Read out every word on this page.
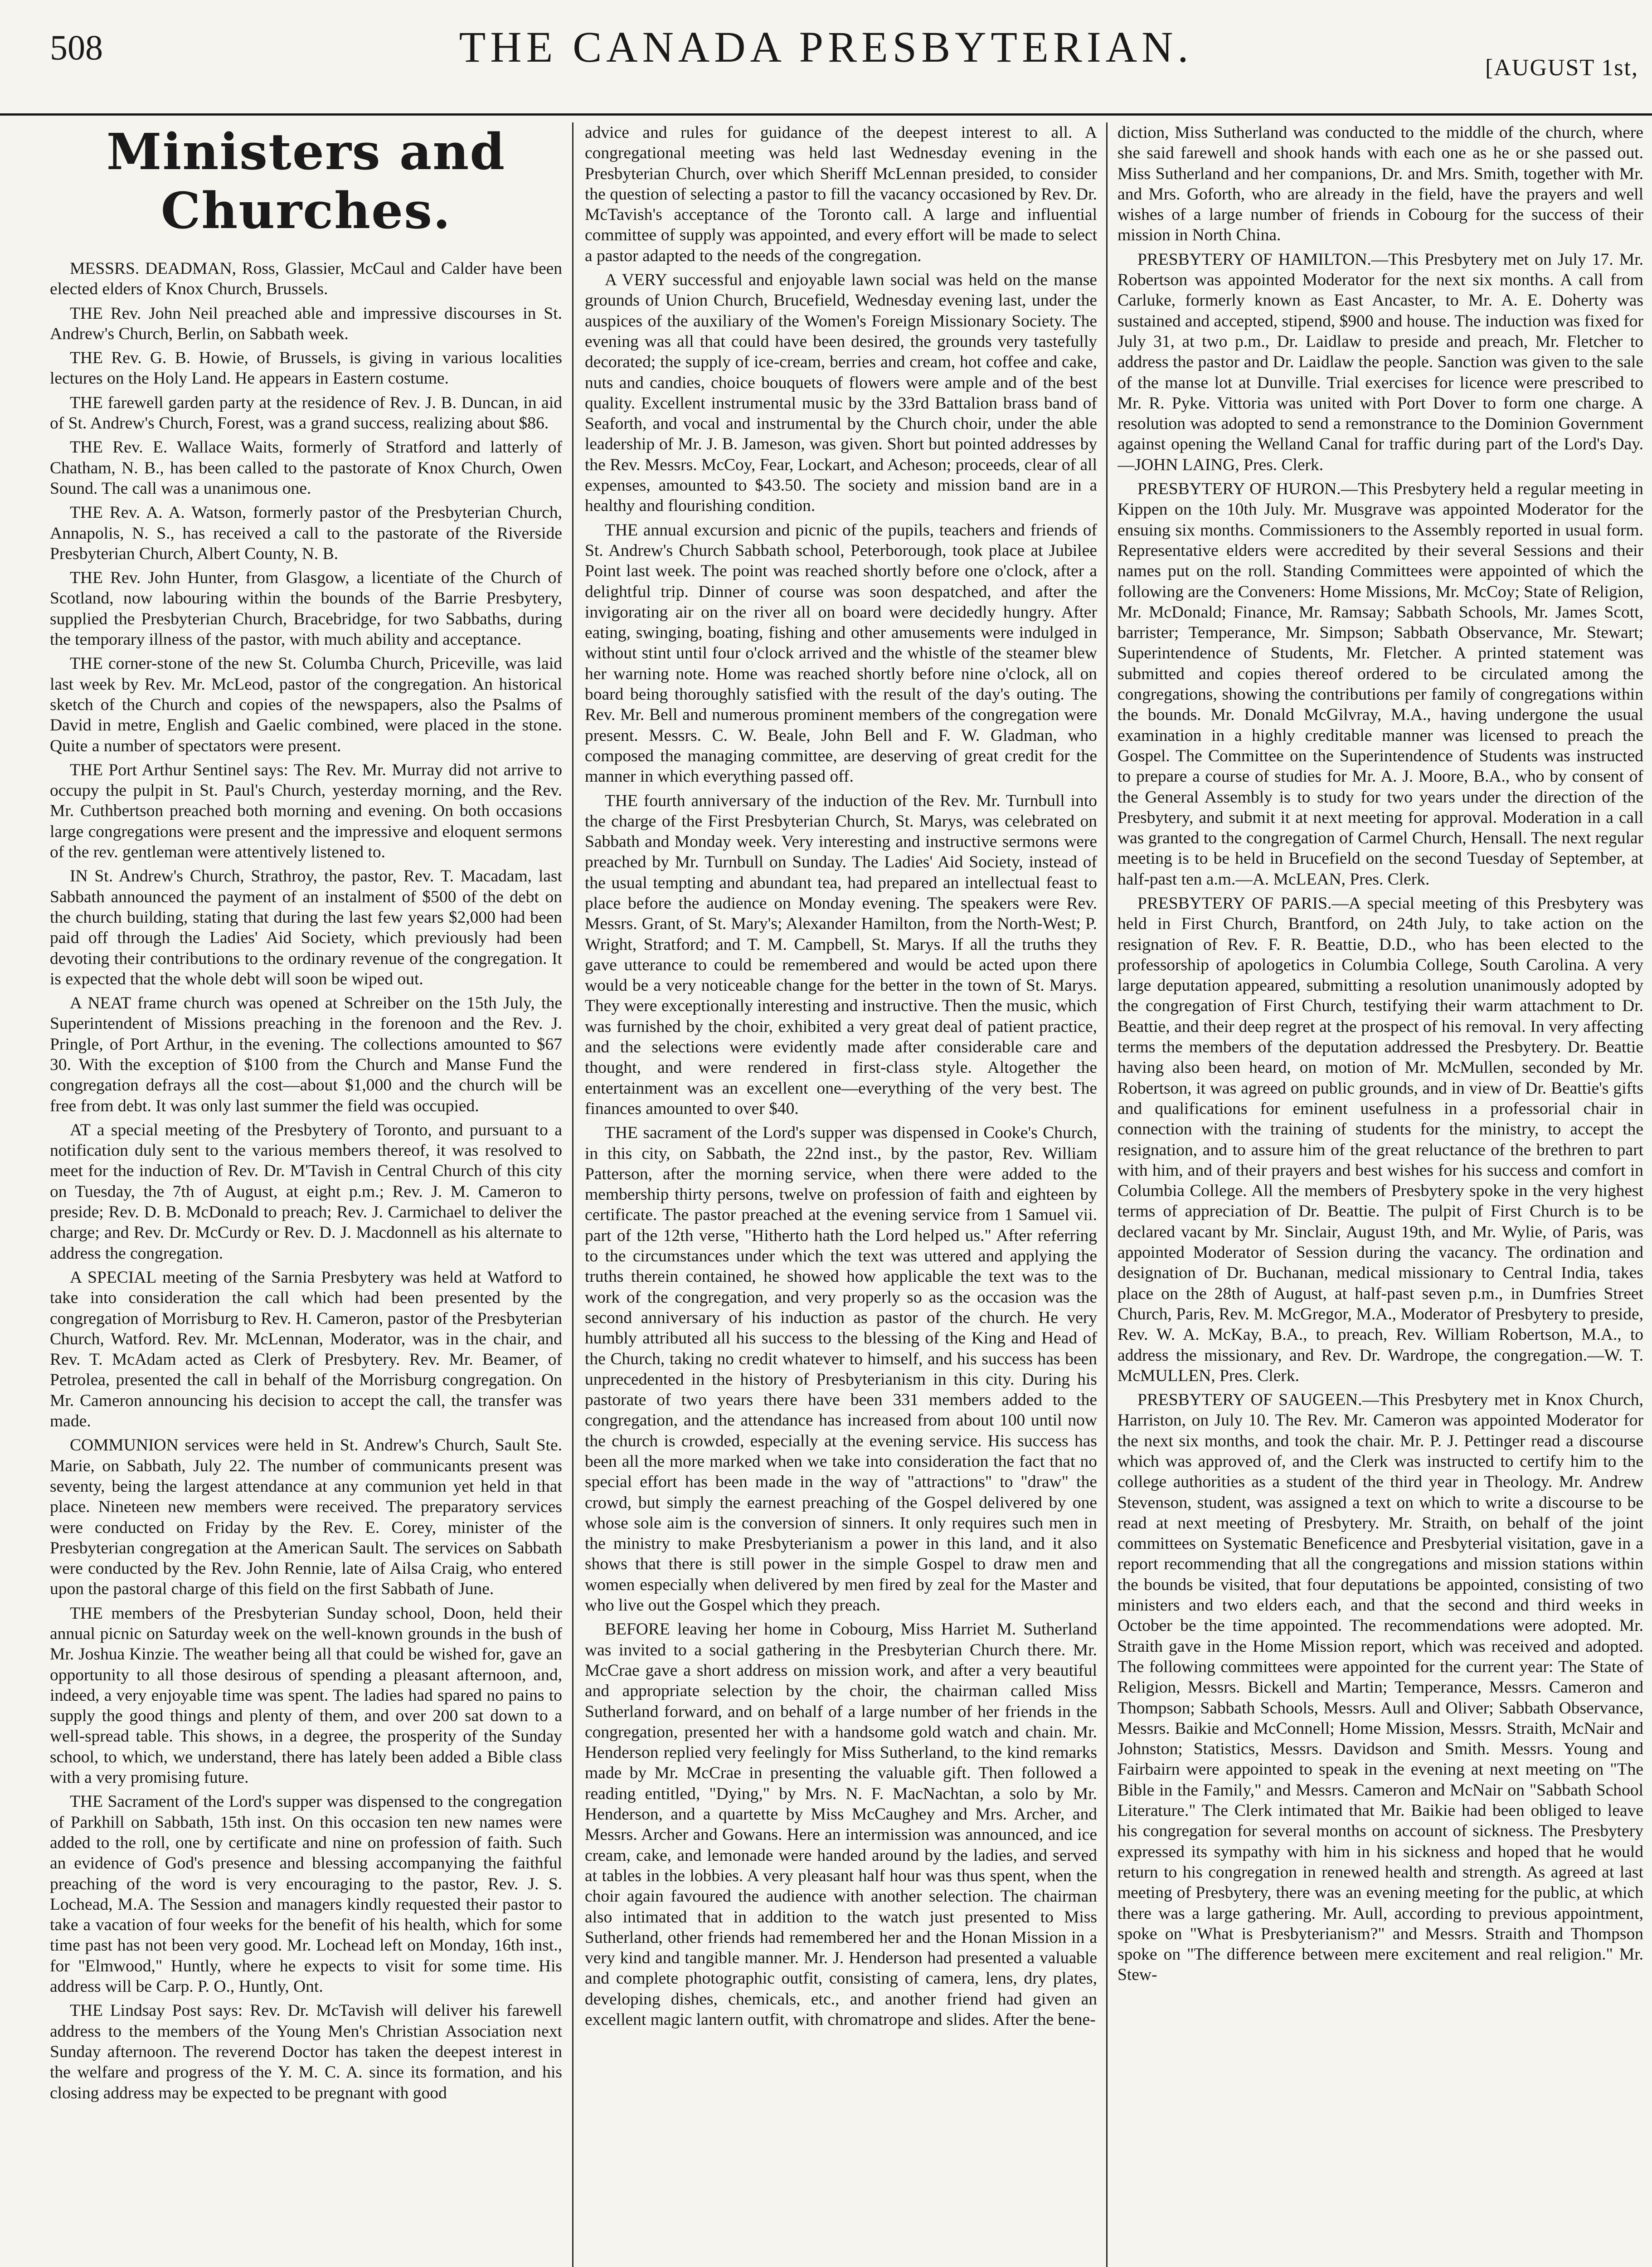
508	THE CANADA PRESBYTERIAN.	[AUGUST 1st,
Ministers and Churches.

MESSRS. DEADMAN, Ross, Glassier, McCaul and Calder have been elected elders of Knox Church, Brussels.

THE Rev. John Neil preached able and impressive discourses in St. Andrew's Church, Berlin, on Sabbath week.

THE Rev. G. B. Howie, of Brussels, is giving in various localities lectures on the Holy Land. He appears in Eastern costume.

THE farewell garden party at the residence of Rev. J. B. Duncan, in aid of St. Andrew's Church, Forest, was a grand success, realizing about $86.

THE Rev. E. Wallace Waits, formerly of Stratford and latterly of Chatham, N. B., has been called to the pastorate of Knox Church, Owen Sound. The call was a unanimous one.

THE Rev. A. A. Watson, formerly pastor of the Presbyterian Church, Annapolis, N. S., has received a call to the pastorate of the Riverside Presbyterian Church, Albert County, N. B.

THE Rev. John Hunter, from Glasgow, a licentiate of the Church of Scotland, now labouring within the bounds of the Barrie Presbytery, supplied the Presbyterian Church, Bracebridge, for two Sabbaths, during the temporary illness of the pastor, with much ability and acceptance.

THE corner-stone of the new St. Columba Church, Priceville, was laid last week by Rev. Mr. McLeod, pastor of the congregation. An historical sketch of the Church and copies of the newspapers, also the Psalms of David in metre, English and Gaelic combined, were placed in the stone. Quite a number of spectators were present.

THE Port Arthur Sentinel says: The Rev. Mr. Murray did not arrive to occupy the pulpit in St. Paul's Church, yesterday morning, and the Rev. Mr. Cuthbertson preached both morning and evening. On both occasions large congregations were present and the impressive and eloquent sermons of the rev. gentleman were attentively listened to.

IN St. Andrew's Church, Strathroy, the pastor, Rev. T. Macadam, last Sabbath announced the payment of an instalment of $500 of the debt on the church building, stating that during the last few years $2,000 had been paid off through the Ladies' Aid Society, which previously had been devoting their contributions to the ordinary revenue of the congregation. It is expected that the whole debt will soon be wiped out.

A NEAT frame church was opened at Schreiber on the 15th July, the Superintendent of Missions preaching in the forenoon and the Rev. J. Pringle, of Port Arthur, in the evening. The collections amounted to $67 30. With the exception of $100 from the Church and Manse Fund the congregation defrays all the cost—about $1,000 and the church will be free from debt. It was only last summer the field was occupied.

AT a special meeting of the Presbytery of Toronto, and pursuant to a notification duly sent to the various members thereof, it was resolved to meet for the induction of Rev. Dr. M'Tavish in Central Church of this city on Tuesday, the 7th of August, at eight p.m.; Rev. J. M. Cameron to preside; Rev. D. B. McDonald to preach; Rev. J. Carmichael to deliver the charge; and Rev. Dr. McCurdy or Rev. D. J. Macdonnell as his alternate to address the congregation.

A SPECIAL meeting of the Sarnia Presbytery was held at Watford to take into consideration the call which had been presented by the congregation of Morrisburg to Rev. H. Cameron, pastor of the Presbyterian Church, Watford. Rev. Mr. McLennan, Moderator, was in the chair, and Rev. T. McAdam acted as Clerk of Presbytery. Rev. Mr. Beamer, of Petrolea, presented the call in behalf of the Morrisburg congregation. On Mr. Cameron announcing his decision to accept the call, the transfer was made.

COMMUNION services were held in St. Andrew's Church, Sault Ste. Marie, on Sabbath, July 22. The number of communicants present was seventy, being the largest attendance at any communion yet held in that place. Nineteen new members were received. The preparatory services were conducted on Friday by the Rev. E. Corey, minister of the Presbyterian congregation at the American Sault. The services on Sabbath were conducted by the Rev. John Rennie, late of Ailsa Craig, who entered upon the pastoral charge of this field on the first Sabbath of June.

THE members of the Presbyterian Sunday school, Doon, held their annual picnic on Saturday week on the well-known grounds in the bush of Mr. Joshua Kinzie. The weather being all that could be wished for, gave an opportunity to all those desirous of spending a pleasant afternoon, and, indeed, a very enjoyable time was spent. The ladies had spared no pains to supply the good things and plenty of them, and over 200 sat down to a well-spread table. This shows, in a degree, the prosperity of the Sunday school, to which, we understand, there has lately been added a Bible class with a very promising future.

THE Sacrament of the Lord's supper was dispensed to the congregation of Parkhill on Sabbath, 15th inst. On this occasion ten new names were added to the roll, one by certificate and nine on profession of faith. Such an evidence of God's presence and blessing accompanying the faithful preaching of the word is very encouraging to the pastor, Rev. J. S. Lochead, M.A. The Session and managers kindly requested their pastor to take a vacation of four weeks for the benefit of his health, which for some time past has not been very good. Mr. Lochead left on Monday, 16th inst., for "Elmwood," Huntly, where he expects to visit for some time. His address will be Carp. P. O., Huntly, Ont.

THE Lindsay Post says: Rev. Dr. McTavish will deliver his farewell address to the members of the Young Men's Christian Association next Sunday afternoon. The reverend Doctor has taken the deepest interest in the welfare and progress of the Y. M. C. A. since its formation, and his closing address may be expected to be pregnant with good

advice and rules for guidance of the deepest interest to all. A congregational meeting was held last Wednesday evening in the Presbyterian Church, over which Sheriff McLennan presided, to consider the question of selecting a pastor to fill the vacancy occasioned by Rev. Dr. McTavish's acceptance of the Toronto call. A large and influential committee of supply was appointed, and every effort will be made to select a pastor adapted to the needs of the congregation.

A VERY successful and enjoyable lawn social was held on the manse grounds of Union Church, Brucefield, Wednesday evening last, under the auspices of the auxiliary of the Women's Foreign Missionary Society. The evening was all that could have been desired, the grounds very tastefully decorated; the supply of ice-cream, berries and cream, hot coffee and cake, nuts and candies, choice bouquets of flowers were ample and of the best quality. Excellent instrumental music by the 33rd Battalion brass band of Seaforth, and vocal and instrumental by the Church choir, under the able leadership of Mr. J. B. Jameson, was given. Short but pointed addresses by the Rev. Messrs. McCoy, Fear, Lockart, and Acheson; proceeds, clear of all expenses, amounted to $43.50. The society and mission band are in a healthy and flourishing condition.

THE annual excursion and picnic of the pupils, teachers and friends of St. Andrew's Church Sabbath school, Peterborough, took place at Jubilee Point last week. The point was reached shortly before one o'clock, after a delightful trip. Dinner of course was soon despatched, and after the invigorating air on the river all on board were decidedly hungry. After eating, swinging, boating, fishing and other amusements were indulged in without stint until four o'clock arrived and the whistle of the steamer blew her warning note. Home was reached shortly before nine o'clock, all on board being thoroughly satisfied with the result of the day's outing. The Rev. Mr. Bell and numerous prominent members of the congregation were present. Messrs. C. W. Beale, John Bell and F. W. Gladman, who composed the managing committee, are deserving of great credit for the manner in which everything passed off.

THE fourth anniversary of the induction of the Rev. Mr. Turnbull into the charge of the First Presbyterian Church, St. Marys, was celebrated on Sabbath and Monday week. Very interesting and instructive sermons were preached by Mr. Turnbull on Sunday. The Ladies' Aid Society, instead of the usual tempting and abundant tea, had prepared an intellectual feast to place before the audience on Monday evening. The speakers were Rev. Messrs. Grant, of St. Mary's; Alexander Hamilton, from the North-West; P. Wright, Stratford; and T. M. Campbell, St. Marys. If all the truths they gave utterance to could be remembered and would be acted upon there would be a very noticeable change for the better in the town of St. Marys. They were exceptionally interesting and instructive. Then the music, which was furnished by the choir, exhibited a very great deal of patient practice, and the selections were evidently made after considerable care and thought, and were rendered in first-class style. Altogether the entertainment was an excellent one—everything of the very best. The finances amounted to over $40.

THE sacrament of the Lord's supper was dispensed in Cooke's Church, in this city, on Sabbath, the 22nd inst., by the pastor, Rev. William Patterson, after the morning service, when there were added to the membership thirty persons, twelve on profession of faith and eighteen by certificate. The pastor preached at the evening service from 1 Samuel vii. part of the 12th verse, "Hitherto hath the Lord helped us." After referring to the circumstances under which the text was uttered and applying the truths therein contained, he showed how applicable the text was to the work of the congregation, and very properly so as the occasion was the second anniversary of his induction as pastor of the church. He very humbly attributed all his success to the blessing of the King and Head of the Church, taking no credit whatever to himself, and his success has been unprecedented in the history of Presbyterianism in this city. During his pastorate of two years there have been 331 members added to the congregation, and the attendance has increased from about 100 until now the church is crowded, especially at the evening service. His success has been all the more marked when we take into consideration the fact that no special effort has been made in the way of "attractions" to "draw" the crowd, but simply the earnest preaching of the Gospel delivered by one whose sole aim is the conversion of sinners. It only requires such men in the ministry to make Presbyterianism a power in this land, and it also shows that there is still power in the simple Gospel to draw men and women especially when delivered by men fired by zeal for the Master and who live out the Gospel which they preach.

BEFORE leaving her home in Cobourg, Miss Harriet M. Sutherland was invited to a social gathering in the Presbyterian Church there. Mr. McCrae gave a short address on mission work, and after a very beautiful and appropriate selection by the choir, the chairman called Miss Sutherland forward, and on behalf of a large number of her friends in the congregation, presented her with a handsome gold watch and chain. Mr. Henderson replied very feelingly for Miss Sutherland, to the kind remarks made by Mr. McCrae in presenting the valuable gift. Then followed a reading entitled, "Dying," by Mrs. N. F. MacNachtan, a solo by Mr. Henderson, and a quartette by Miss McCaughey and Mrs. Archer, and Messrs. Archer and Gowans. Here an intermission was announced, and ice cream, cake, and lemonade were handed around by the ladies, and served at tables in the lobbies. A very pleasant half hour was thus spent, when the choir again favoured the audience with another selection. The chairman also intimated that in addition to the watch just presented to Miss Sutherland, other friends had remembered her and the Honan Mission in a very kind and tangible manner. Mr. J. Henderson had presented a valuable and complete photographic outfit, consisting of camera, lens, dry plates, developing dishes, chemicals, etc., and another friend had given an excellent magic lantern outfit, with chromatrope and slides. After the bene-

diction, Miss Sutherland was conducted to the middle of the church, where she said farewell and shook hands with each one as he or she passed out. Miss Sutherland and her companions, Dr. and Mrs. Smith, together with Mr. and Mrs. Goforth, who are already in the field, have the prayers and well wishes of a large number of friends in Cobourg for the success of their mission in North China.

PRESBYTERY OF HAMILTON.—This Presbytery met on July 17. Mr. Robertson was appointed Moderator for the next six months. A call from Carluke, formerly known as East Ancaster, to Mr. A. E. Doherty was sustained and accepted, stipend, $900 and house. The induction was fixed for July 31, at two p.m., Dr. Laidlaw to preside and preach, Mr. Fletcher to address the pastor and Dr. Laidlaw the people. Sanction was given to the sale of the manse lot at Dunville. Trial exercises for licence were prescribed to Mr. R. Pyke. Vittoria was united with Port Dover to form one charge. A resolution was adopted to send a remonstrance to the Dominion Government against opening the Welland Canal for traffic during part of the Lord's Day.—JOHN LAING, Pres. Clerk.

PRESBYTERY OF HURON.—This Presbytery held a regular meeting in Kippen on the 10th July. Mr. Musgrave was appointed Moderator for the ensuing six months. Commissioners to the Assembly reported in usual form. Representative elders were accredited by their several Sessions and their names put on the roll. Standing Committees were appointed of which the following are the Conveners: Home Missions, Mr. McCoy; State of Religion, Mr. McDonald; Finance, Mr. Ramsay; Sabbath Schools, Mr. James Scott, barrister; Temperance, Mr. Simpson; Sabbath Observance, Mr. Stewart; Superintendence of Students, Mr. Fletcher. A printed statement was submitted and copies thereof ordered to be circulated among the congregations, showing the contributions per family of congregations within the bounds. Mr. Donald McGilvray, M.A., having undergone the usual examination in a highly creditable manner was licensed to preach the Gospel. The Committee on the Superintendence of Students was instructed to prepare a course of studies for Mr. A. J. Moore, B.A., who by consent of the General Assembly is to study for two years under the direction of the Presbytery, and submit it at next meeting for approval. Moderation in a call was granted to the congregation of Carmel Church, Hensall. The next regular meeting is to be held in Brucefield on the second Tuesday of September, at half-past ten a.m.—A. McLEAN, Pres. Clerk.

PRESBYTERY OF PARIS.—A special meeting of this Presbytery was held in First Church, Brantford, on 24th July, to take action on the resignation of Rev. F. R. Beattie, D.D., who has been elected to the professorship of apologetics in Columbia College, South Carolina. A very large deputation appeared, submitting a resolution unanimously adopted by the congregation of First Church, testifying their warm attachment to Dr. Beattie, and their deep regret at the prospect of his removal. In very affecting terms the members of the deputation addressed the Presbytery. Dr. Beattie having also been heard, on motion of Mr. McMullen, seconded by Mr. Robertson, it was agreed on public grounds, and in view of Dr. Beattie's gifts and qualifications for eminent usefulness in a professorial chair in connection with the training of students for the ministry, to accept the resignation, and to assure him of the great reluctance of the brethren to part with him, and of their prayers and best wishes for his success and comfort in Columbia College. All the members of Presbytery spoke in the very highest terms of appreciation of Dr. Beattie. The pulpit of First Church is to be declared vacant by Mr. Sinclair, August 19th, and Mr. Wylie, of Paris, was appointed Moderator of Session during the vacancy. The ordination and designation of Dr. Buchanan, medical missionary to Central India, takes place on the 28th of August, at half-past seven p.m., in Dumfries Street Church, Paris, Rev. M. McGregor, M.A., Moderator of Presbytery to preside, Rev. W. A. McKay, B.A., to preach, Rev. William Robertson, M.A., to address the missionary, and Rev. Dr. Wardrope, the congregation.—W. T. McMULLEN, Pres. Clerk.

PRESBYTERY OF SAUGEEN.—This Presbytery met in Knox Church, Harriston, on July 10. The Rev. Mr. Cameron was appointed Moderator for the next six months, and took the chair. Mr. P. J. Pettinger read a discourse which was approved of, and the Clerk was instructed to certify him to the college authorities as a student of the third year in Theology. Mr. Andrew Stevenson, student, was assigned a text on which to write a discourse to be read at next meeting of Presbytery. Mr. Straith, on behalf of the joint committees on Systematic Beneficence and Presbyterial visitation, gave in a report recommending that all the congregations and mission stations within the bounds be visited, that four deputations be appointed, consisting of two ministers and two elders each, and that the second and third weeks in October be the time appointed. The recommendations were adopted. Mr. Straith gave in the Home Mission report, which was received and adopted. The following committees were appointed for the current year: The State of Religion, Messrs. Bickell and Martin; Temperance, Messrs. Cameron and Thompson; Sabbath Schools, Messrs. Aull and Oliver; Sabbath Observance, Messrs. Baikie and McConnell; Home Mission, Messrs. Straith, McNair and Johnston; Statistics, Messrs. Davidson and Smith. Messrs. Young and Fairbairn were appointed to speak in the evening at next meeting on "The Bible in the Family," and Messrs. Cameron and McNair on "Sabbath School Literature." The Clerk intimated that Mr. Baikie had been obliged to leave his congregation for several months on account of sickness. The Presbytery expressed its sympathy with him in his sickness and hoped that he would return to his congregation in renewed health and strength. As agreed at last meeting of Presbytery, there was an evening meeting for the public, at which there was a large gathering. Mr. Aull, according to previous appointment, spoke on "What is Presbyterianism?" and Messrs. Straith and Thompson spoke on "The difference between mere excitement and real religion." Mr. Stew-
